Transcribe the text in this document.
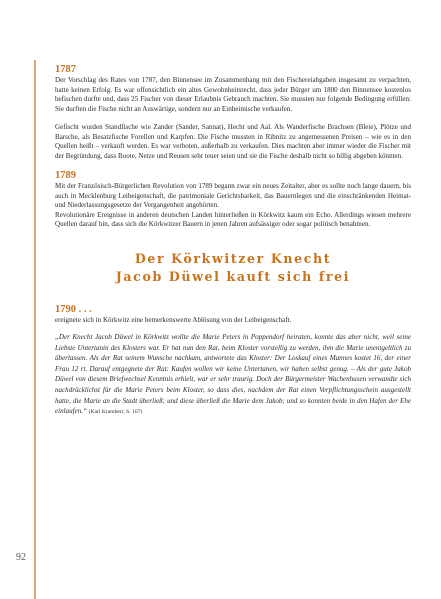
92
1787

Der Vorschlag des Rates von 1787, den Binnensee im Zusammenhang mit den Fischereiabgaben insgesamt zu verpachten, hatte keinen Erfolg. Es war offensichtlich ein altes Gewohnheitsrecht, dass jeder Bürger um 1800 den Binnensee kostenlos befischen durfte und, dass 25 Fischer von dieser Erlaubnis Gebrauch machten. Sie mussten nur folgende Bedingung erfüllen: Sie durften die Fische nicht an Auswärtige, sondern nur an Einheimische verkaufen.

Gefischt wurden Standfische wie Zander (Sander, Sannat), Hecht und Aal. Als Wanderfische Brachsen (Bleie), Plötze und Barsche, als Besatzfische Forellen und Karpfen. Die Fische mussten in Ribnitz zu angemessenen Preisen – wie es in den Quellen heißt – verkauft werden. Es war verboten, außerhalb zu verkaufen. Dies machten aber immer wieder die Fischer mit der Begründung, dass Boote, Netze und Reusen sehr teuer seien und sie die Fische deshalb nicht so billig abgeben könnten.

1789

Mit der Französisch-Bürgerlichen Revolution von 1789 begann zwar ein neues Zeitalter, aber es sollte noch lange dauern, bis auch in Mecklenburg Leibeigenschaft, die patrimoniale Gerichtsbarkeit, das Bauernlegen und die einschränkenden Heimat- und Niederlassungsgesetze der Vergangenheit angehörten.

Revolutionäre Ereignisse in anderen deutschen Landen hinterließen in Körkwitz kaum ein Echo. Allerdings wiesen mehrere Quellen darauf hin, dass sich die Körkwitzer Bauern in jenen Jahren aufsässiger oder sogar politisch benahmen.

Der Körkwitzer Knecht
Jacob Düwel kauft sich frei
1790 . . .

ereignete sich in Körkwitz eine bemerkenswerte Ablösung von der Leibeigenschaft.

„Der Knecht Jacob Düwel in Körkwitz wollte die Marie Peters in Poppendorf heiraten, konnte das aber nicht, weil seine Liebste Untertanin des Klosters war. Er hat nun den Rat, beim Kloster vorstellig zu werden, ihm die Marie unentgeltlich zu überlassen. Als der Rat seinem Wunsche nachkam, antwortete das Kloster: Der Loskauf eines Mannes kostet 16, der einer Frau 12 rt. Darauf entgegnete der Rat: Kaufen wollen wir keine Untertanen, wir haben selbst genug. – Als der gute Jakob Düwel von diesem Briefwechsel Kenntnis erhielt, war er sehr traurig. Doch der Bürgermeister Wachenhusen verwandte sich nachdrücklichst für die Marie Peters beim Kloster, so dass dies, nachdem der Rat einen Verpflichtungsschein ausgestellt hatte, die Marie an die Stadt überließ; und diese überließ die Marie dem Jakob; und so konnten beide in den Hafen der Ehe einlaufen.“ (Karl Kramberr, S. 167)
